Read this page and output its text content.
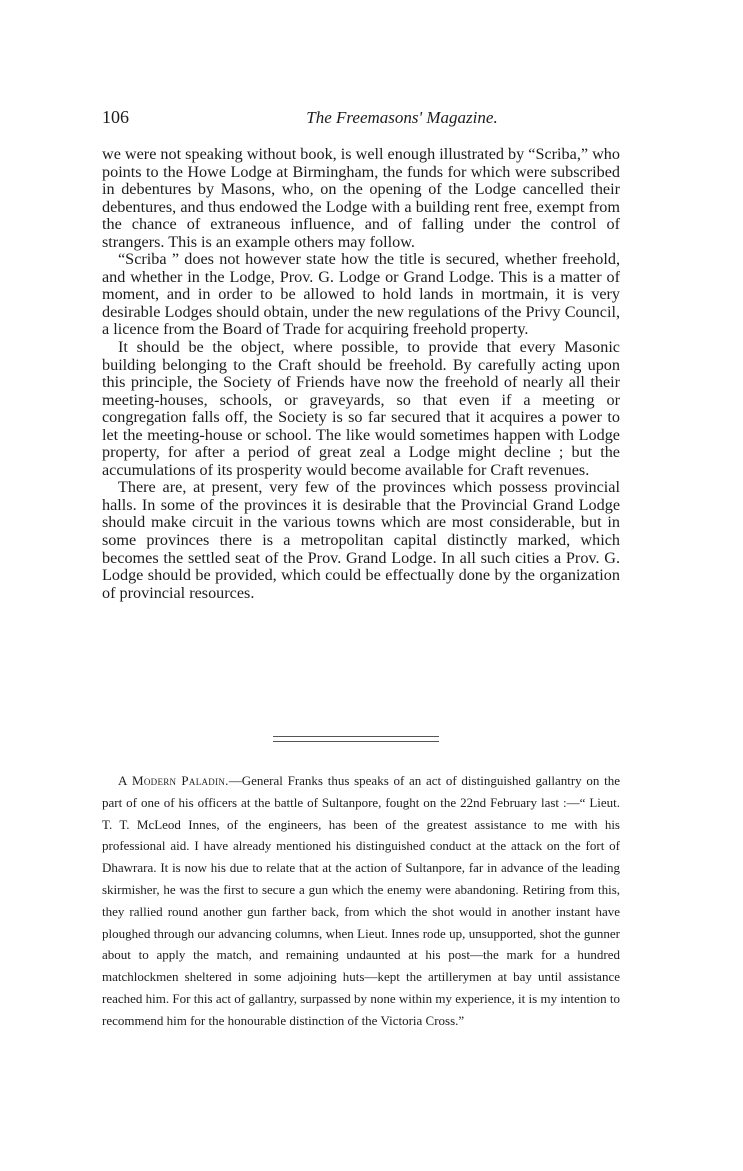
106	The Freemasons' Magazine.

we were not speaking without book, is well enough illustrated by “Scriba,” who points to the Howe Lodge at Birmingham, the funds for which were subscribed in debentures by Masons, who, on the opening of the Lodge cancelled their debentures, and thus endowed the Lodge with a building rent free, exempt from the chance of extraneous influence, and of falling under the control of strangers. This is an example others may follow.

“Scriba ” does not however state how the title is secured, whether freehold, and whether in the Lodge, Prov. G. Lodge or Grand Lodge. This is a matter of moment, and in order to be allowed to hold lands in mortmain, it is very desirable Lodges should obtain, under the new regulations of the Privy Council, a licence from the Board of Trade for acquiring freehold property.

It should be the object, where possible, to provide that every Masonic building belonging to the Craft should be freehold. By carefully acting upon this principle, the Society of Friends have now the freehold of nearly all their meeting-houses, schools, or graveyards, so that even if a meeting or congregation falls off, the Society is so far secured that it acquires a power to let the meeting-house or school. The like would sometimes happen with Lodge property, for after a period of great zeal a Lodge might decline ; but the accumulations of its prosperity would become available for Craft revenues.

There are, at present, very few of the provinces which possess provincial halls. In some of the provinces it is desirable that the Provincial Grand Lodge should make circuit in the various towns which are most considerable, but in some provinces there is a metropolitan capital distinctly marked, which becomes the settled seat of the Prov. Grand Lodge. In all such cities a Prov. G. Lodge should be provided, which could be effectually done by the organization of provincial resources.

A Modern Paladin.—General Franks thus speaks of an act of distinguished gallantry on the part of one of his officers at the battle of Sultanpore, fought on the 22nd February last :—“ Lieut. T. T. McLeod Innes, of the engineers, has been of the greatest assistance to me with his professional aid. I have already mentioned his distinguished conduct at the attack on the fort of Dhawrara. It is now his due to relate that at the action of Sultanpore, far in advance of the leading skirmisher, he was the first to secure a gun which the enemy were abandoning. Retiring from this, they rallied round another gun farther back, from which the shot would in another instant have ploughed through our advancing columns, when Lieut. Innes rode up, unsupported, shot the gunner about to apply the match, and remaining undaunted at his post—the mark for a hundred matchlockmen sheltered in some adjoining huts—kept the artillerymen at bay until assistance reached him. For this act of gallantry, surpassed by none within my experience, it is my intention to recommend him for the honourable distinction of the Victoria Cross.”
